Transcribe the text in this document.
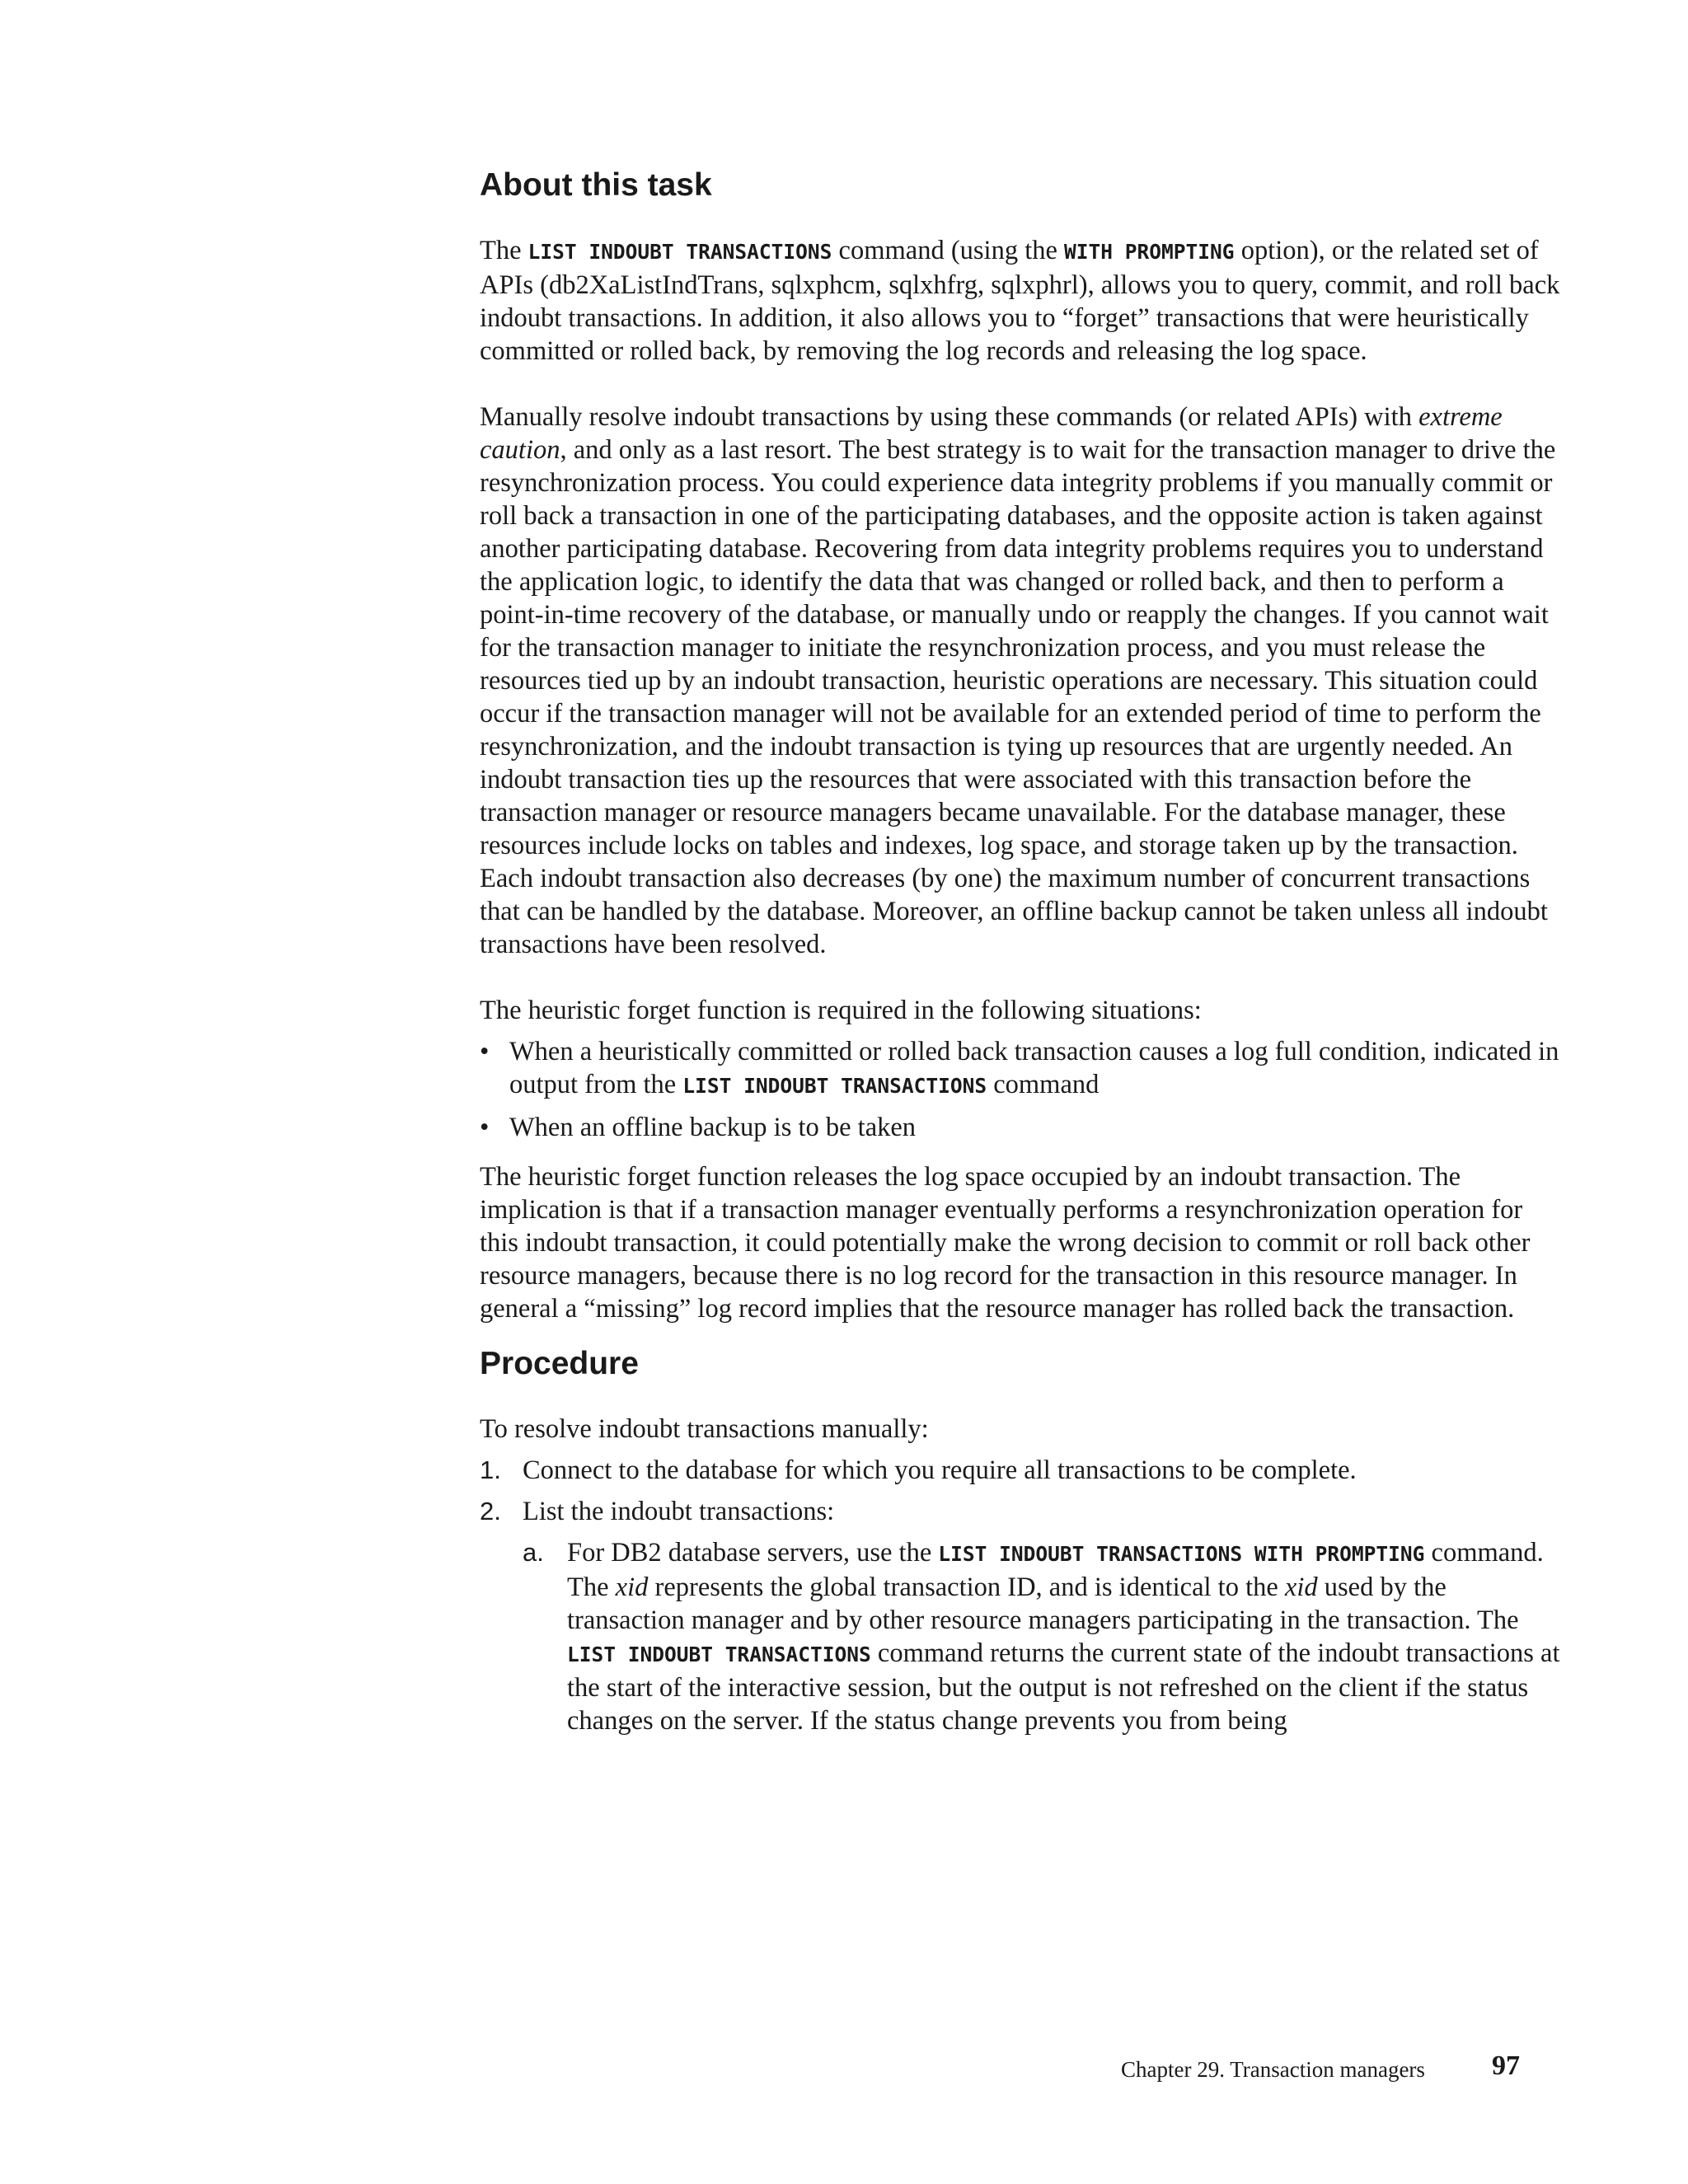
About this task

The LIST INDOUBT TRANSACTIONS command (using the WITH PROMPTING option), or the related set of APIs (db2XaListIndTrans, sqlxphcm, sqlxhfrg, sqlxphrl), allows you to query, commit, and roll back indoubt transactions. In addition, it also allows you to “forget” transactions that were heuristically committed or rolled back, by removing the log records and releasing the log space.

Manually resolve indoubt transactions by using these commands (or related APIs) with extreme caution, and only as a last resort. The best strategy is to wait for the transaction manager to drive the resynchronization process. You could experience data integrity problems if you manually commit or roll back a transaction in one of the participating databases, and the opposite action is taken against another participating database. Recovering from data integrity problems requires you to understand the application logic, to identify the data that was changed or rolled back, and then to perform a point-in-time recovery of the database, or manually undo or reapply the changes. If you cannot wait for the transaction manager to initiate the resynchronization process, and you must release the resources tied up by an indoubt transaction, heuristic operations are necessary. This situation could occur if the transaction manager will not be available for an extended period of time to perform the resynchronization, and the indoubt transaction is tying up resources that are urgently needed. An indoubt transaction ties up the resources that were associated with this transaction before the transaction manager or resource managers became unavailable. For the database manager, these resources include locks on tables and indexes, log space, and storage taken up by the transaction. Each indoubt transaction also decreases (by one) the maximum number of concurrent transactions that can be handled by the database. Moreover, an offline backup cannot be taken unless all indoubt transactions have been resolved.

The heuristic forget function is required in the following situations:

• When a heuristically committed or rolled back transaction causes a log full condition, indicated in output from the LIST INDOUBT TRANSACTIONS command
• When an offline backup is to be taken

The heuristic forget function releases the log space occupied by an indoubt transaction. The implication is that if a transaction manager eventually performs a resynchronization operation for this indoubt transaction, it could potentially make the wrong decision to commit or roll back other resource managers, because there is no log record for the transaction in this resource manager. In general a “missing” log record implies that the resource manager has rolled back the transaction.

Procedure

To resolve indoubt transactions manually:

1. Connect to the database for which you require all transactions to be complete.
2. List the indoubt transactions:
a. For DB2 database servers, use the LIST INDOUBT TRANSACTIONS WITH PROMPTING command. The xid represents the global transaction ID, and is identical to the xid used by the transaction manager and by other resource managers participating in the transaction. The LIST INDOUBT TRANSACTIONS command returns the current state of the indoubt transactions at the start of the interactive session, but the output is not refreshed on the client if the status changes on the server. If the status change prevents you from being
Chapter 29. Transaction managers 97
